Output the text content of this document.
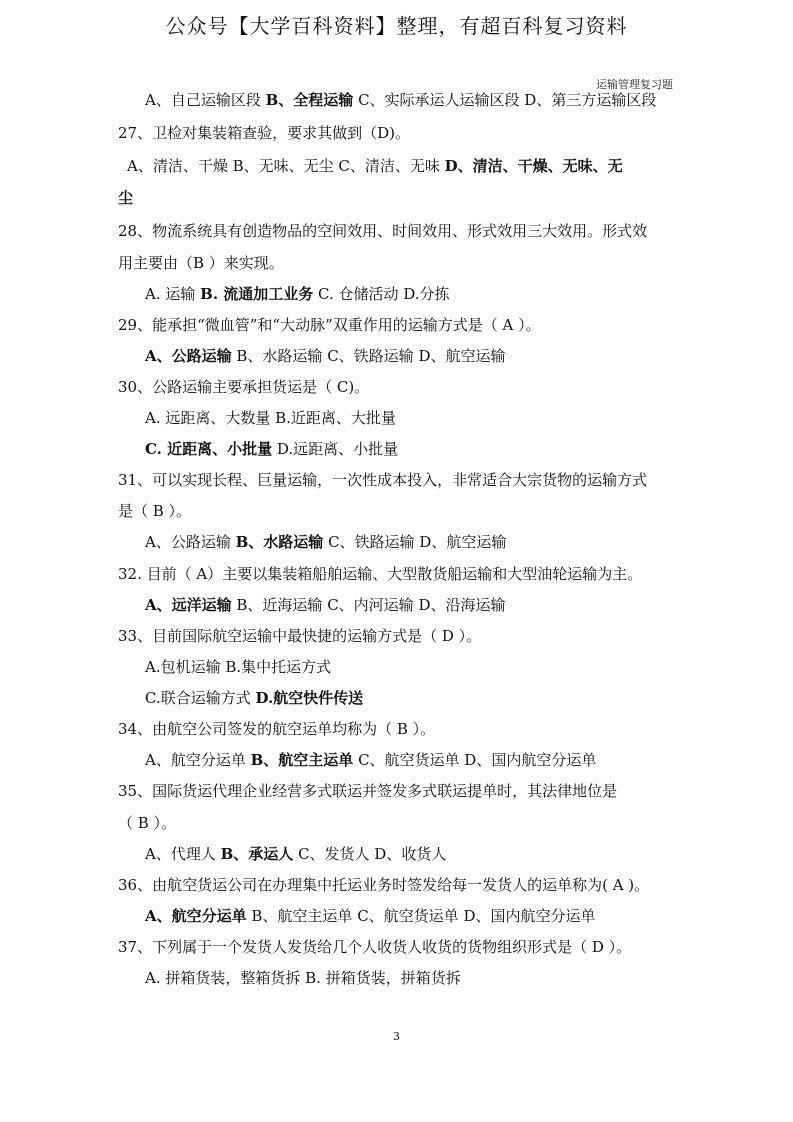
公众号【大学百科资料】整理，有超百科复习资料
运输管理复习题
A、自己运输区段 B、全程运输 C、实际承运人运输区段 D、第三方运输区段
27、卫检对集装箱查验，要求其做到（D)。
A、清洁、干燥 B、无味、无尘 C、清洁、无味 D、清洁、干燥、无味、无
尘
28、物流系统具有创造物品的空间效用、时间效用、形式效用三大效用。形式效
用主要由（B ）来实现。
A. 运输 B. 流通加工业务 C. 仓储活动 D.分拣
29、能承担“微血管”和“大动脉”双重作用的运输方式是（ A ）。
A、公路运输 B、水路运输 C、铁路运输 D、航空运输
30、公路运输主要承担货运是（ C)。
A. 远距离、大数量 B.近距离、大批量
C. 近距离、小批量 D.远距离、小批量
31、可以实现长程、巨量运输，一次性成本投入，非常适合大宗货物的运输方式
是（ B ）。
A、公路运输 B、水路运输 C、铁路运输 D、航空运输
32. 目前（ A）主要以集装箱船舶运输、大型散货船运输和大型油轮运输为主。
A、远洋运输 B、近海运输 C、内河运输 D、沿海运输
33、目前国际航空运输中最快捷的运输方式是（ D ）。
A.包机运输 B.集中托运方式
C.联合运输方式 D.航空快件传送
34、由航空公司签发的航空运单均称为（ B ）。
A、航空分运单 B、航空主运单 C、航空货运单 D、国内航空分运单
35、国际货运代理企业经营多式联运并签发多式联运提单时，其法律地位是
（ B ）。
A、代理人 B、承运人 C、发货人 D、收货人
36、由航空货运公司在办理集中托运业务时签发给每一发货人的运单称为( A )。
A、航空分运单 B、航空主运单 C、航空货运单 D、国内航空分运单
37、下列属于一个发货人发货给几个人收货人收货的货物组织形式是（ D ）。
A. 拼箱货装，整箱货拆 B. 拼箱货装，拼箱货拆
3
